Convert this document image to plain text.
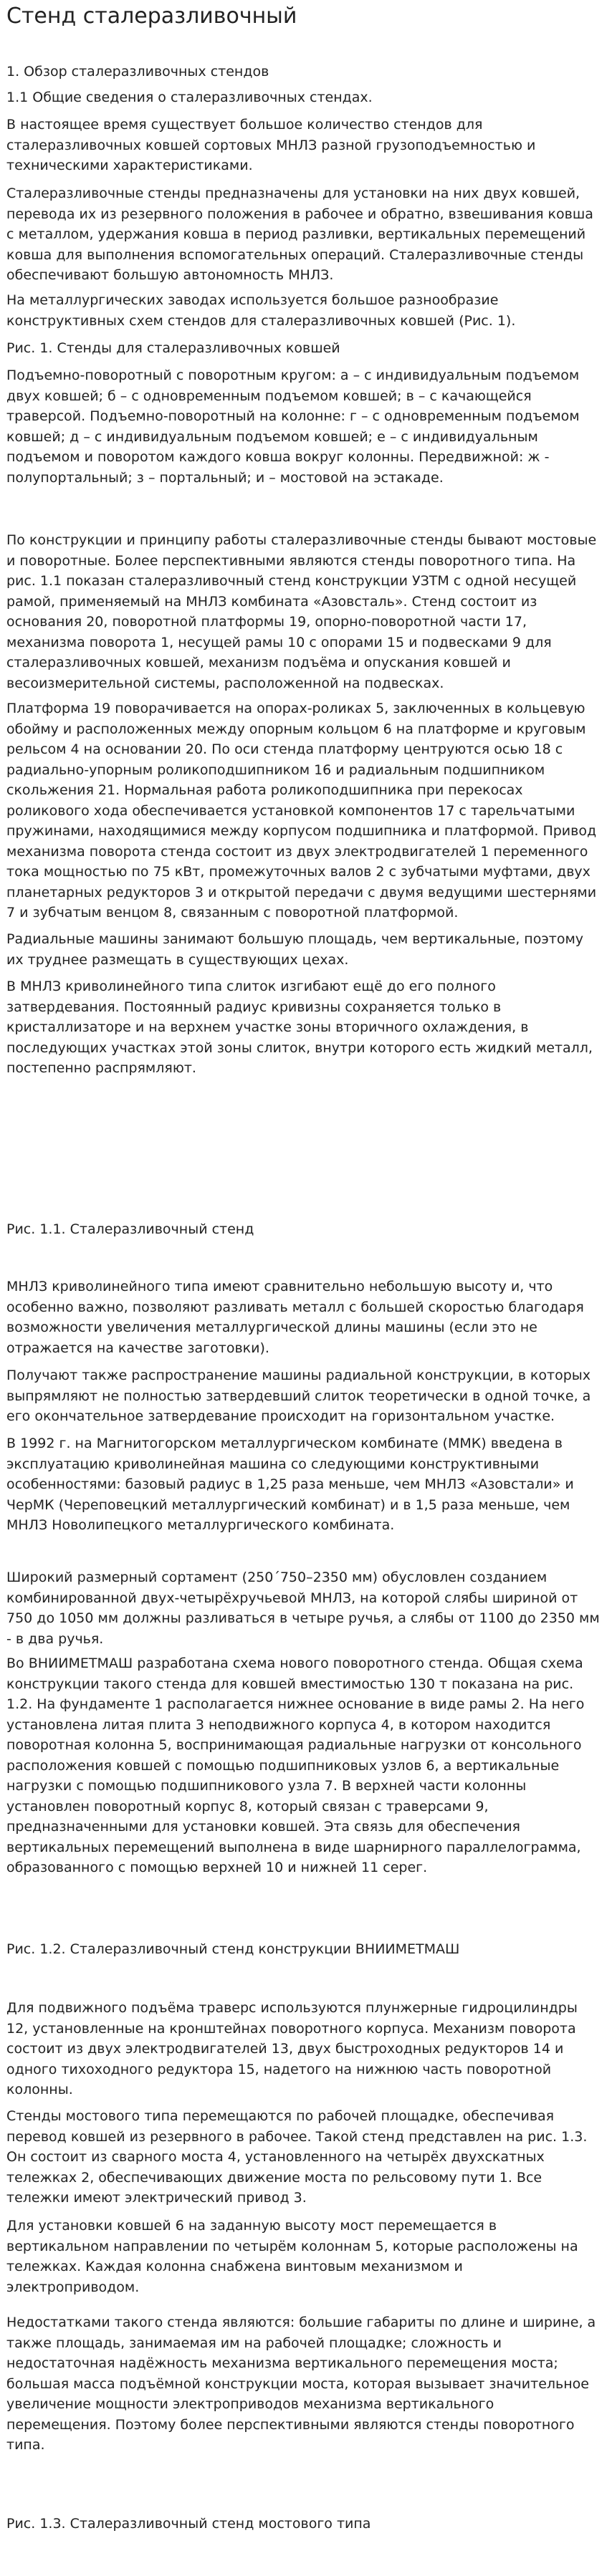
Стенд сталеразливочный

1. Обзор сталеразливочных стендов

1.1 Общие сведения о сталеразливочных стендах.

В настоящее время существует большое количество стендов для сталеразливочных ковшей сортовых МНЛЗ разной грузоподъемностью и техническими характеристиками.

Сталеразливочные стенды предназначены для установки на них двух ковшей, перевода их из резервного положения в рабочее и обратно, взвешивания ковша с металлом, удержания ковша в период разливки, вертикальных перемещений ковша для выполнения вспомогательных операций. Сталеразливочные стенды обеспечивают большую автономность МНЛЗ.

На металлургических заводах используется большое разнообразие конструктивных схем стендов для сталеразливочных ковшей (Рис. 1).

Рис. 1. Стенды для сталеразливочных ковшей

Подъемно-поворотный с поворотным кругом: а – с индивидуальным подъемом двух ковшей; б – с одновременным подъемом ковшей; в – с качающейся траверсой. Подъемно-поворотный на колонне: г – с одновременным подъемом ковшей; д – с индивидуальным подъемом ковшей; е – с индивидуальным подъемом и поворотом каждого ковша вокруг колонны. Передвижной: ж - полупортальный; з – портальный; и – мостовой на эстакаде.

По конструкции и принципу работы сталеразливочные стенды бывают мостовые и поворотные. Более перспективными являются стенды поворотного типа. На рис. 1.1 показан сталеразливочный стенд конструкции УЗТМ с одной несущей рамой, применяемый на МНЛЗ комбината «Азовсталь». Стенд состоит из основания 20, поворотной платформы 19, опорно-поворотной части 17, механизма поворота 1, несущей рамы 10 с опорами 15 и подвесками 9 для сталеразливочных ковшей, механизм подъёма и опускания ковшей и весоизмерительной системы, расположенной на подвесках.

Платформа 19 поворачивается на опорах-роликах 5, заключенных в кольцевую обойму и расположенных между опорным кольцом 6 на платформе и круговым рельсом 4 на основании 20. По оси стенда платформу центруются осью 18 с радиально-упорным роликоподшипником 16 и радиальным подшипником скольжения 21. Нормальная работа роликоподшипника при перекосах роликового хода обеспечивается установкой компонентов 17 с тарельчатыми пружинами, находящимися между корпусом подшипника и платформой. Привод механизма поворота стенда состоит из двух электродвигателей 1 переменного тока мощностью по 75 кВт, промежуточных валов 2 с зубчатыми муфтами, двух планетарных редукторов 3 и открытой передачи с двумя ведущими шестернями 7 и зубчатым венцом 8, связанным с поворотной платформой.

Радиальные машины занимают большую площадь, чем вертикальные, поэтому их труднее размещать в существующих цехах.

В МНЛЗ криволинейного типа слиток изгибают ещё до его полного затвердевания. Постоянный радиус кривизны сохраняется только в кристаллизаторе и на верхнем участке зоны вторичного охлаждения, в последующих участках этой зоны слиток, внутри которого есть жидкий металл, постепенно распрямляют.

Рис. 1.1. Сталеразливочный стенд

МНЛЗ криволинейного типа имеют сравнительно небольшую высоту и, что особенно важно, позволяют разливать металл с большей скоростью благодаря возможности увеличения металлургической длины машины (если это не отражается на качестве заготовки).

Получают также распространение машины радиальной конструкции, в которых выпрямляют не полностью затвердевший слиток теоретически в одной точке, а его окончательное затвердевание происходит на горизонтальном участке.

В 1992 г. на Магнитогорском металлургическом комбинате (ММК) введена в эксплуатацию криволинейная машина со следующими конструктивными особенностями: базовый радиус в 1,25 раза меньше, чем МНЛЗ «Азовстали» и ЧерМК (Череповецкий металлургический комбинат) и в 1,5 раза меньше, чем МНЛЗ Новолипецкого металлургического комбината.

Широкий размерный сортамент (250´750–2350 мм) обусловлен созданием комбинированной двух-четырёхручьевой МНЛЗ, на которой слябы шириной от 750 до 1050 мм должны разливаться в четыре ручья, а слябы от 1100 до 2350 мм - в два ручья.

Во ВНИИМЕТМАШ разработана схема нового поворотного стенда. Общая схема конструкции такого стенда для ковшей вместимостью 130 т показана на рис. 1.2. На фундаменте 1 располагается нижнее основание в виде рамы 2. На него установлена литая плита 3 неподвижного корпуса 4, в котором находится поворотная колонна 5, воспринимающая радиальные нагрузки от консольного расположения ковшей с помощью подшипниковых узлов 6, а вертикальные нагрузки с помощью подшипникового узла 7. В верхней части колонны установлен поворотный корпус 8, который связан с траверсами 9, предназначенными для установки ковшей. Эта связь для обеспечения вертикальных перемещений выполнена в виде шарнирного параллелограмма, образованного с помощью верхней 10 и нижней 11 серег.

Рис. 1.2. Сталеразливочный стенд конструкции ВНИИМЕТМАШ

Для подвижного подъёма траверс используются плунжерные гидроцилиндры 12, установленные на кронштейнах поворотного корпуса. Механизм поворота состоит из двух электродвигателей 13, двух быстроходных редукторов 14 и одного тихоходного редуктора 15, надетого на нижнюю часть поворотной колонны.

Стенды мостового типа перемещаются по рабочей площадке, обеспечивая перевод ковшей из резервного в рабочее. Такой стенд представлен на рис. 1.3. Он состоит из сварного моста 4, установленного на четырёх двухскатных тележках 2, обеспечивающих движение моста по рельсовому пути 1. Все тележки имеют электрический привод 3.

Для установки ковшей 6 на заданную высоту мост перемещается в вертикальном направлении по четырём колоннам 5, которые расположены на тележках. Каждая колонна снабжена винтовым механизмом и электроприводом.

Недостатками такого стенда являются: большие габариты по длине и ширине, а также площадь, занимаемая им на рабочей площадке; сложность и недостаточная надёжность механизма вертикального перемещения моста; большая масса подъёмной конструкции моста, которая вызывает значительное увеличение мощности электроприводов механизма вертикального перемещения. Поэтому более перспективными являются стенды поворотного типа.

Рис. 1.3. Сталеразливочный стенд мостового типа
